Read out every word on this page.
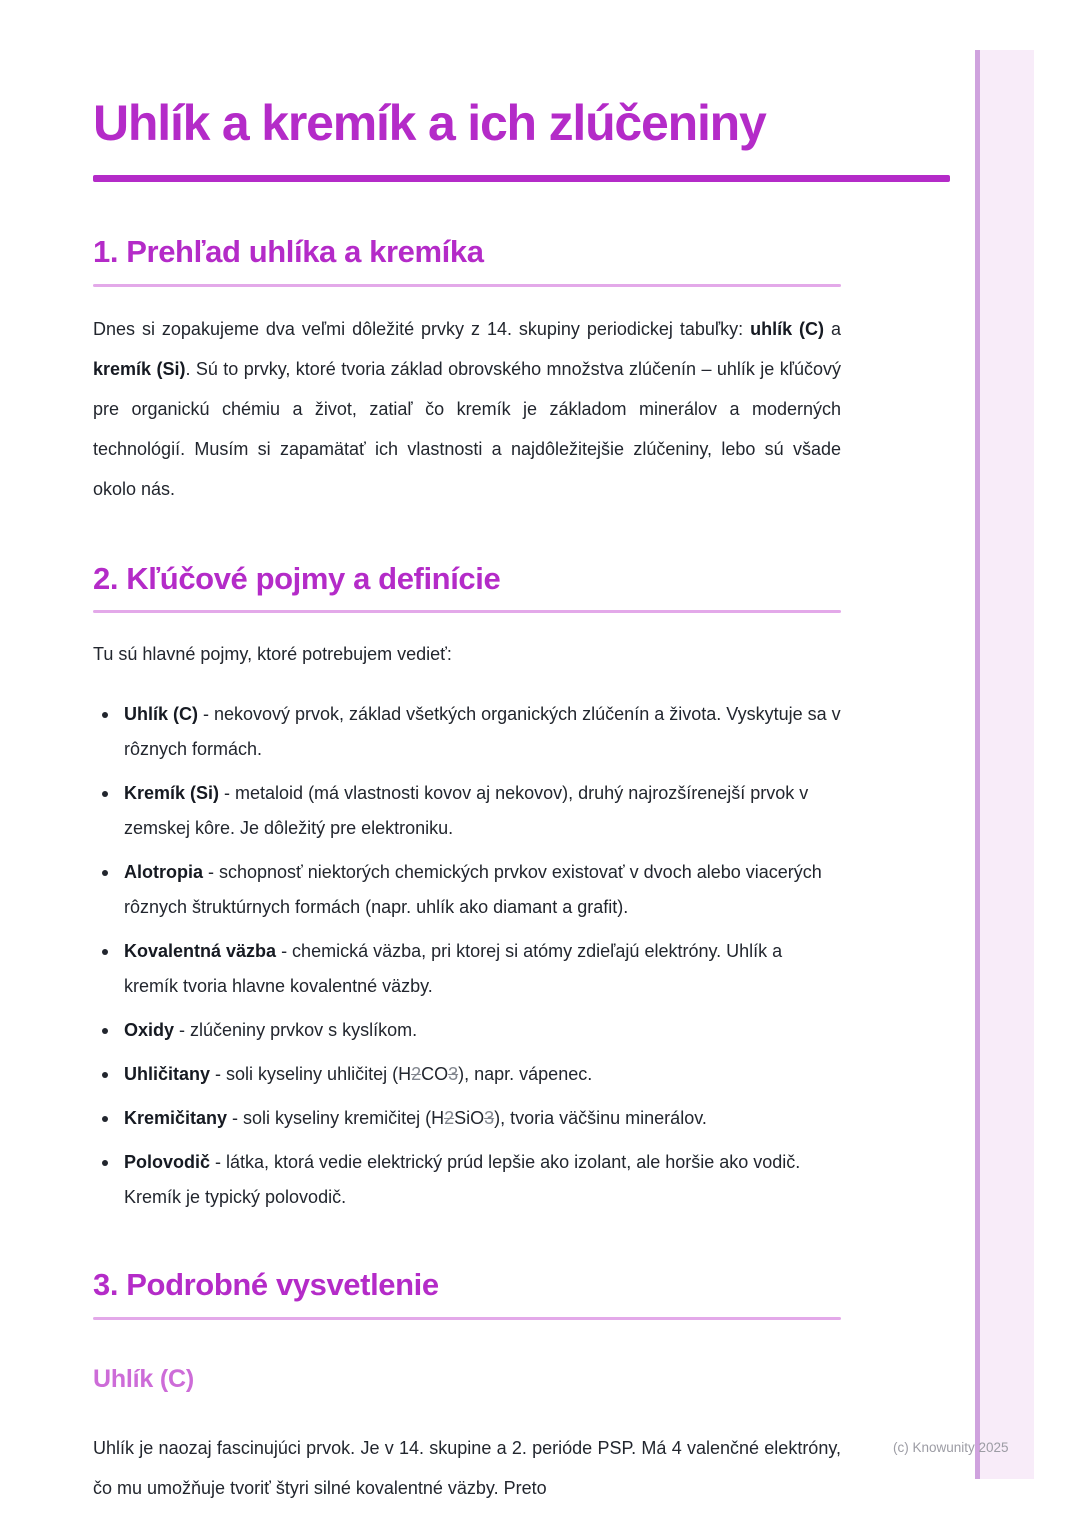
Uhlík a kremík a ich zlúčeniny
1. Prehľad uhlíka a kremíka

Dnes si zopakujeme dva veľmi dôležité prvky z 14. skupiny periodickej tabuľky: uhlík (C) a kremík (Si). Sú to prvky, ktoré tvoria základ obrovského množstva zlúčenín – uhlík je kľúčový pre organickú chémiu a život, zatiaľ čo kremík je základom minerálov a moderných technológií. Musím si zapamätať ich vlastnosti a najdôležitejšie zlúčeniny, lebo sú všade okolo nás.

2. Kľúčové pojmy a definície

Tu sú hlavné pojmy, ktoré potrebujem vedieť:

Uhlík (C) - nekovový prvok, základ všetkých organických zlúčenín a života. Vyskytuje sa v rôznych formách.
Kremík (Si) - metaloid (má vlastnosti kovov aj nekovov), druhý najrozšírenejší prvok v zemskej kôre. Je dôležitý pre elektroniku.
Alotropia - schopnosť niektorých chemických prvkov existovať v dvoch alebo viacerých rôznych štruktúrnych formách (napr. uhlík ako diamant a grafit).
Kovalentná väzba - chemická väzba, pri ktorej si atómy zdieľajú elektróny. Uhlík a kremík tvoria hlavne kovalentné väzby.
Oxidy - zlúčeniny prvkov s kyslíkom.
Uhličitany - soli kyseliny uhličitej (H2CO3), napr. vápenec.
Kremičitany - soli kyseliny kremičitej (H2SiO3), tvoria väčšinu minerálov.
Polovodič - látka, ktorá vedie elektrický prúd lepšie ako izolant, ale horšie ako vodič. Kremík je typický polovodič.
3. Podrobné vysvetlenie
Uhlík (C)

Uhlík je naozaj fascinujúci prvok. Je v 14. skupine a 2. perióde PSP. Má 4 valenčné elektróny, čo mu umožňuje tvoriť štyri silné kovalentné väzby. Preto

(c) Knowunity 2025
